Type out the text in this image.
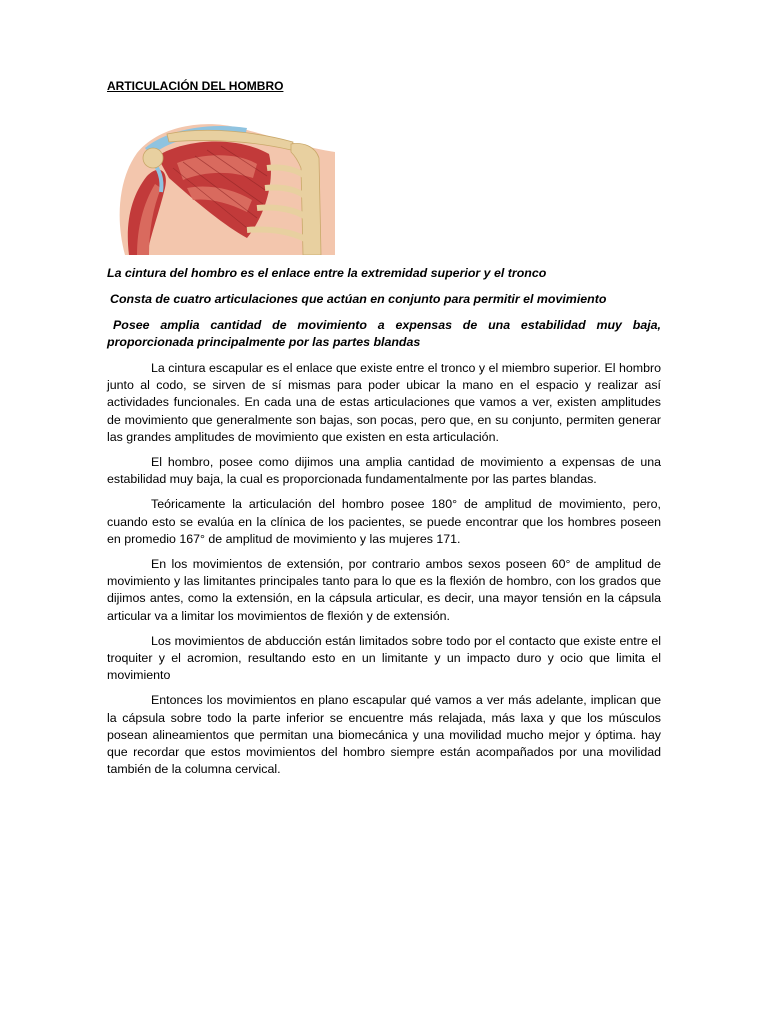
ARTICULACIÓN DEL HOMBRO

La cintura del hombro es el enlace entre la extremidad superior y el tronco

Consta de cuatro articulaciones que actúan en conjunto para permitir el movimiento

Posee amplia cantidad de movimiento a expensas de una estabilidad muy baja, proporcionada principalmente por las partes blandas

La cintura escapular es el enlace que existe entre el tronco y el miembro superior. El hombro junto al codo, se sirven de sí mismas para poder ubicar la mano en el espacio y realizar así actividades funcionales. En cada una de estas articulaciones que vamos a ver, existen amplitudes de movimiento que generalmente son bajas, son pocas, pero que, en su conjunto, permiten generar las grandes amplitudes de movimiento que existen en esta articulación.

El hombro, posee como dijimos una amplia cantidad de movimiento a expensas de una estabilidad muy baja, la cual es proporcionada fundamentalmente por las partes blandas.

Teóricamente la articulación del hombro posee 180° de amplitud de movimiento, pero, cuando esto se evalúa en la clínica de los pacientes, se puede encontrar que los hombres poseen en promedio 167° de amplitud de movimiento y las mujeres 171.

En los movimientos de extensión, por contrario ambos sexos poseen 60° de amplitud de movimiento y las limitantes principales tanto para lo que es la flexión de hombro, con los grados que dijimos antes, como la extensión, en la cápsula articular, es decir, una mayor tensión en la cápsula articular va a limitar los movimientos de flexión y de extensión.

Los movimientos de abducción están limitados sobre todo por el contacto que existe entre el troquiter y el acromion, resultando esto en un limitante y un impacto duro y ocio que limita el movimiento

Entonces los movimientos en plano escapular qué vamos a ver más adelante, implican que la cápsula sobre todo la parte inferior se encuentre más relajada, más laxa y que los músculos posean alineamientos que permitan una biomecánica y una movilidad mucho mejor y óptima. hay que recordar que estos movimientos del hombro siempre están acompañados por una movilidad también de la columna cervical.
